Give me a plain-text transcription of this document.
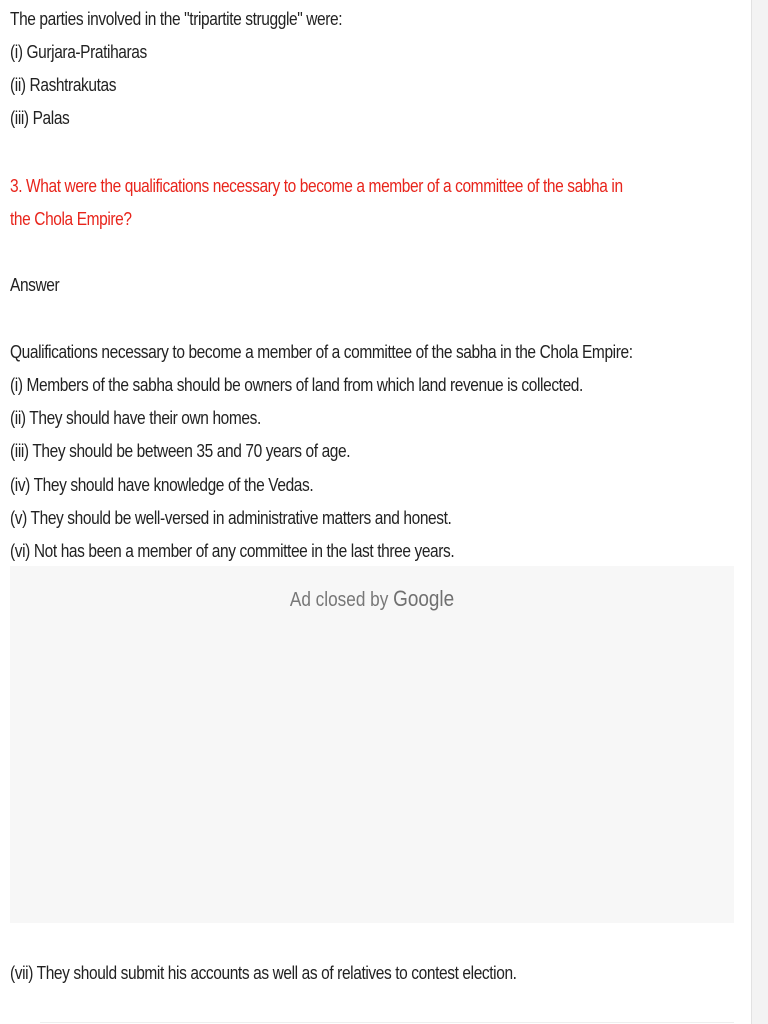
The parties involved in the "tripartite struggle" were:

(i) Gurjara-Pratiharas

(ii) Rashtrakutas

(iii) Palas

3. What were the qualifications necessary to become a member of a committee of the sabha in

the Chola Empire?

Answer

Qualifications necessary to become a member of a committee of the sabha in the Chola Empire:

(i) Members of the sabha should be owners of land from which land revenue is collected.

(ii) They should have their own homes.

(iii) They should be between 35 and 70 years of age.

(iv) They should have knowledge of the Vedas.

(v) They should be well-versed in administrative matters and honest.

(vi) Not has been a member of any committee in the last three years.

Ad closed by Google

(vii) They should submit his accounts as well as of relatives to contest election.
